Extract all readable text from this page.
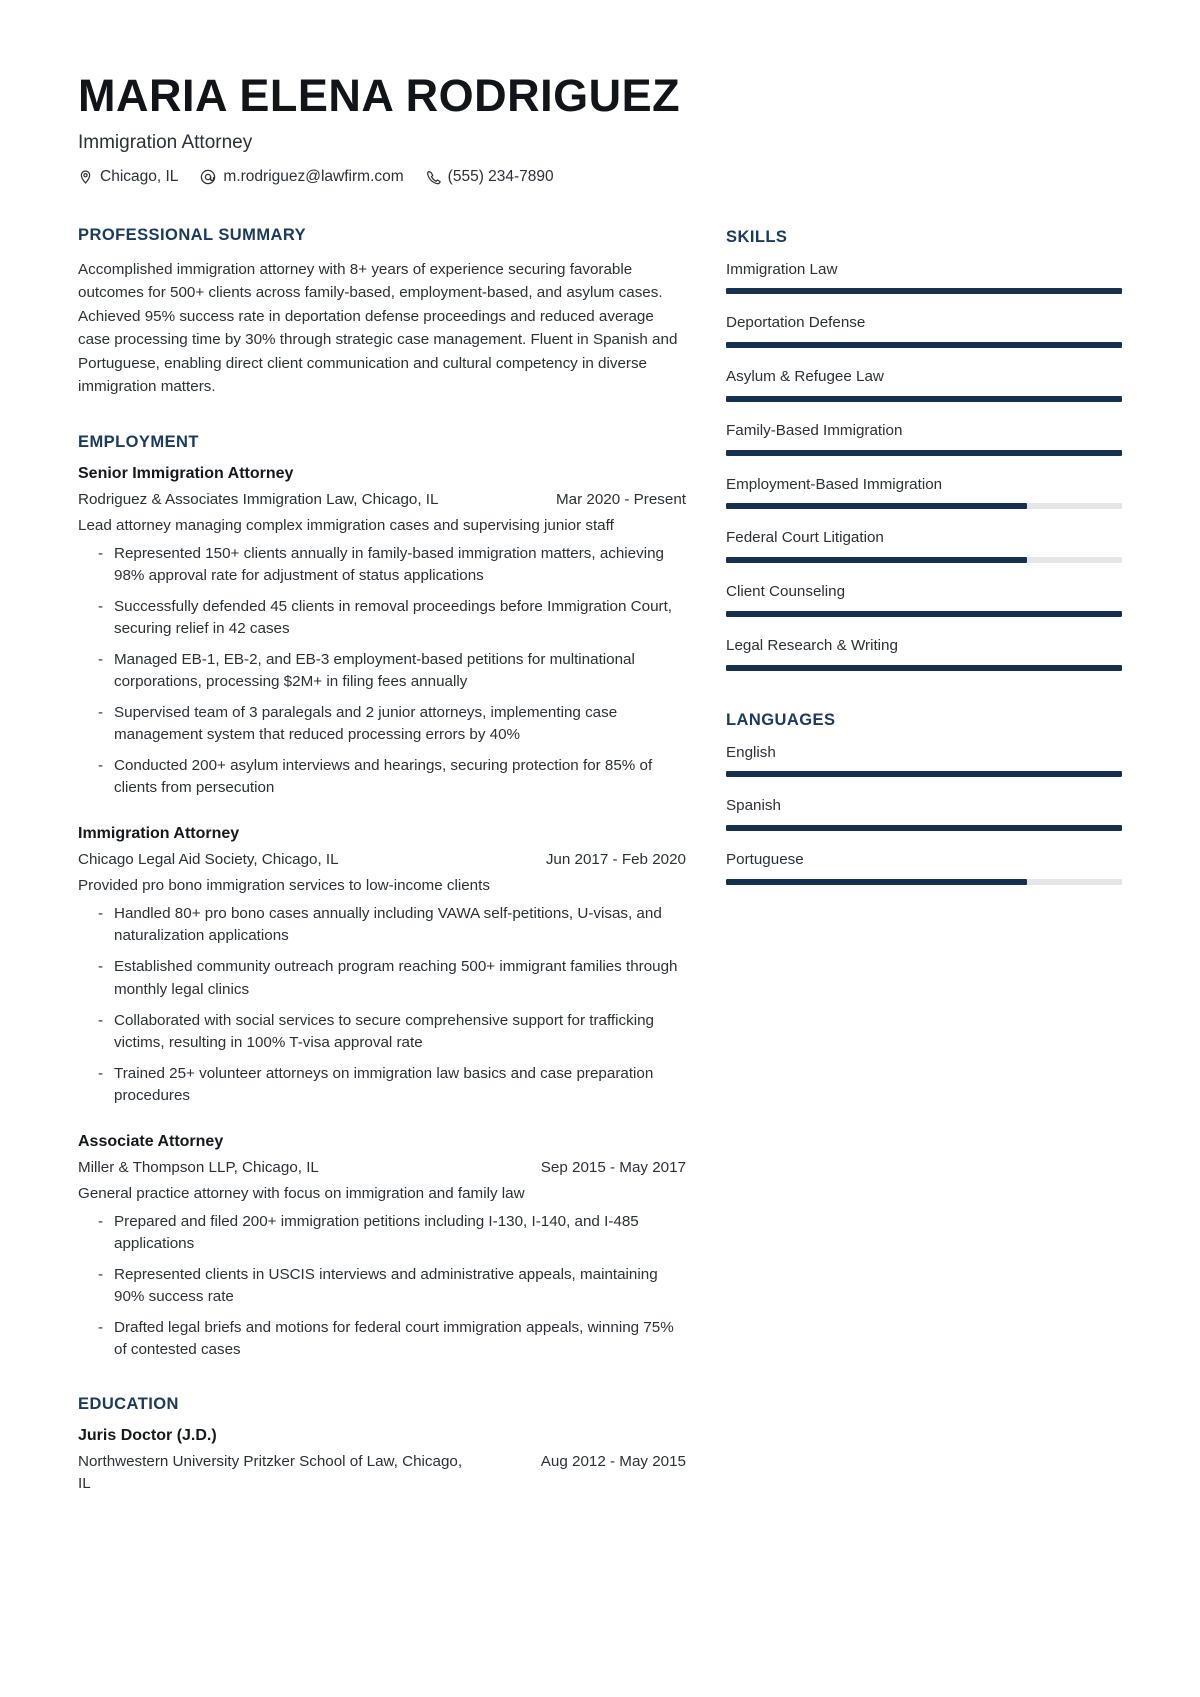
MARIA ELENA RODRIGUEZ
Immigration Attorney
Chicago, IL	m.rodriguez@lawfirm.com	(555) 234-7890
PROFESSIONAL SUMMARY
Accomplished immigration attorney with 8+ years of experience securing favorable outcomes for 500+ clients across family-based, employment-based, and asylum cases. Achieved 95% success rate in deportation defense proceedings and reduced average case processing time by 30% through strategic case management. Fluent in Spanish and Portuguese, enabling direct client communication and cultural competency in diverse immigration matters.
EMPLOYMENT
Senior Immigration Attorney
Rodriguez & Associates Immigration Law, Chicago, IL	Mar 2020 - Present
Lead attorney managing complex immigration cases and supervising junior staff
- Represented 150+ clients annually in family-based immigration matters, achieving 98% approval rate for adjustment of status applications
- Successfully defended 45 clients in removal proceedings before Immigration Court, securing relief in 42 cases
- Managed EB-1, EB-2, and EB-3 employment-based petitions for multinational corporations, processing $2M+ in filing fees annually
- Supervised team of 3 paralegals and 2 junior attorneys, implementing case management system that reduced processing errors by 40%
- Conducted 200+ asylum interviews and hearings, securing protection for 85% of clients from persecution
Immigration Attorney
Chicago Legal Aid Society, Chicago, IL	Jun 2017 - Feb 2020
Provided pro bono immigration services to low-income clients
- Handled 80+ pro bono cases annually including VAWA self-petitions, U-visas, and naturalization applications
- Established community outreach program reaching 500+ immigrant families through monthly legal clinics
- Collaborated with social services to secure comprehensive support for trafficking victims, resulting in 100% T-visa approval rate
- Trained 25+ volunteer attorneys on immigration law basics and case preparation procedures
Associate Attorney
Miller & Thompson LLP, Chicago, IL	Sep 2015 - May 2017
General practice attorney with focus on immigration and family law
- Prepared and filed 200+ immigration petitions including I-130, I-140, and I-485 applications
- Represented clients in USCIS interviews and administrative appeals, maintaining 90% success rate
- Drafted legal briefs and motions for federal court immigration appeals, winning 75% of contested cases
EDUCATION
Juris Doctor (J.D.)
Northwestern University Pritzker School of Law, Chicago, IL
Aug 2012 - May 2015
SKILLS
Immigration Law
Deportation Defense
Asylum & Refugee Law
Family-Based Immigration
Employment-Based Immigration
Federal Court Litigation
Client Counseling
Legal Research & Writing
LANGUAGES
English
Spanish
Portuguese
